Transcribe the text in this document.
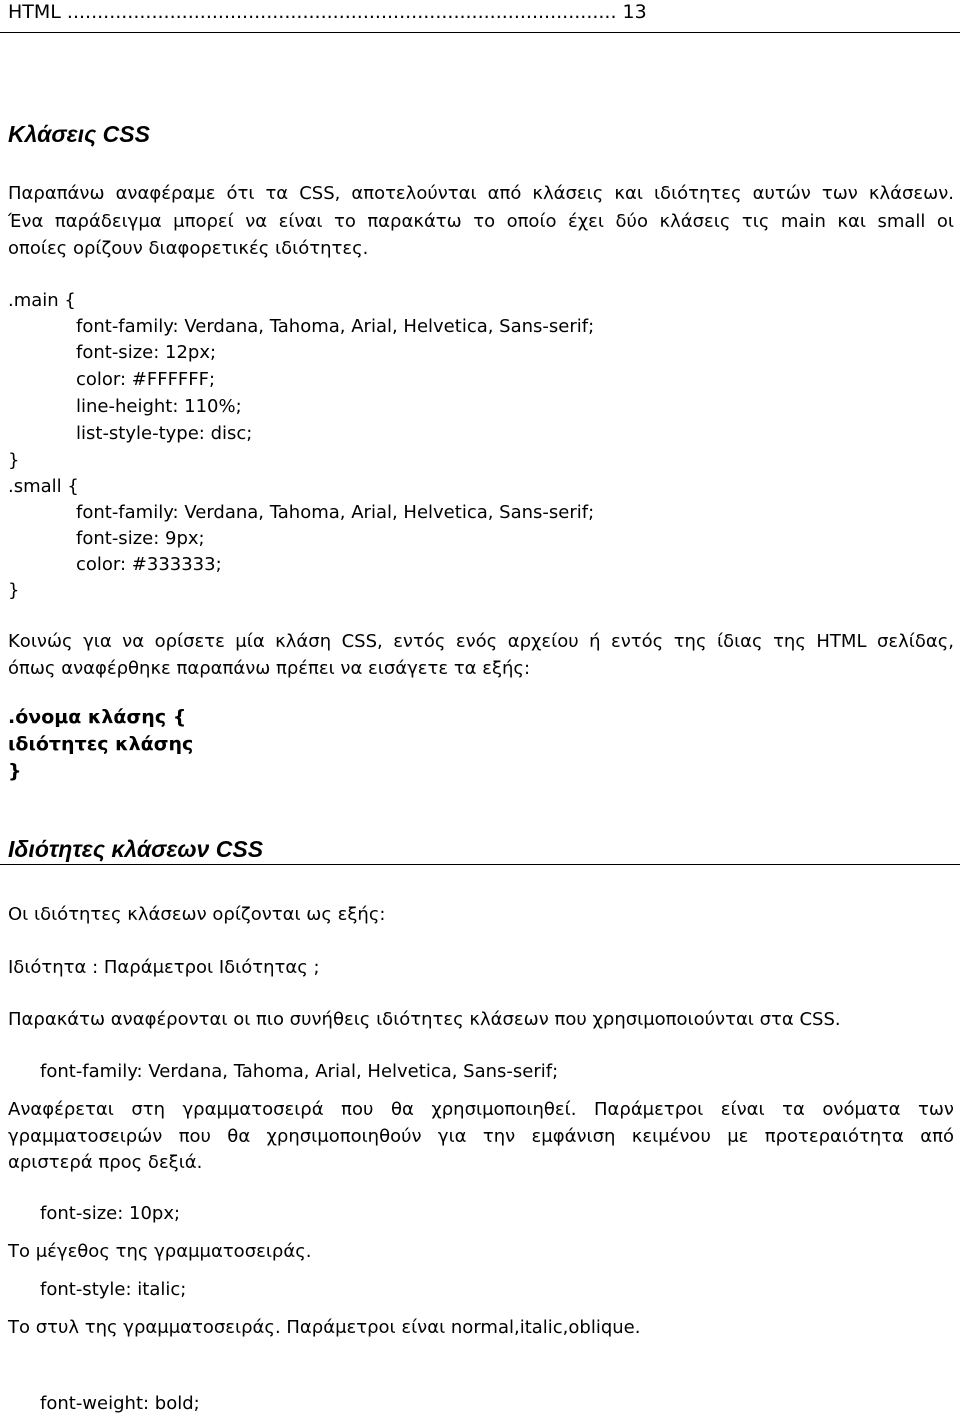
HTML ........................................................................................... 13
Κλάσεις CSS
Παραπάνω αναφέραμε ότι τα CSS, αποτελούνται από κλάσεις και ιδιότητες αυτών των κλάσεων.
Ένα παράδειγμα μπορεί να είναι το παρακάτω το οποίο έχει δύο κλάσεις τις main και small οι
οποίες ορίζουν διαφορετικές ιδιότητες.
.main {
font-family: Verdana, Tahoma, Arial, Helvetica, Sans-serif;
font-size: 12px;
color: #FFFFFF;
line-height: 110%;
list-style-type: disc;
}
.small {
font-family: Verdana, Tahoma, Arial, Helvetica, Sans-serif;
font-size: 9px;
color: #333333;
}
Κοινώς για να ορίσετε μία κλάση CSS, εντός ενός αρχείου ή εντός της ίδιας της HTML σελίδας,
όπως αναφέρθηκε παραπάνω πρέπει να εισάγετε τα εξής:
.όνομα κλάσης {
ιδιότητες κλάσης
}
Ιδιότητες κλάσεων CSS
Οι ιδιότητες κλάσεων ορίζονται ως εξής:
Ιδιότητα : Παράμετροι Ιδιότητας ;
Παρακάτω αναφέρονται οι πιο συνήθεις ιδιότητες κλάσεων που χρησιμοποιούνται στα CSS.
font-family: Verdana, Tahoma, Arial, Helvetica, Sans-serif;
Αναφέρεται στη γραμματοσειρά που θα χρησιμοποιηθεί. Παράμετροι είναι τα ονόματα των
γραμματοσειρών που θα χρησιμοποιηθούν για την εμφάνιση κειμένου με προτεραιότητα από
αριστερά προς δεξιά.
font-size: 10px;
Το μέγεθος της γραμματοσειράς.
font-style: italic;
Το στυλ της γραμματοσειράς. Παράμετροι είναι normal,italic,oblique.
font-weight: bold;
